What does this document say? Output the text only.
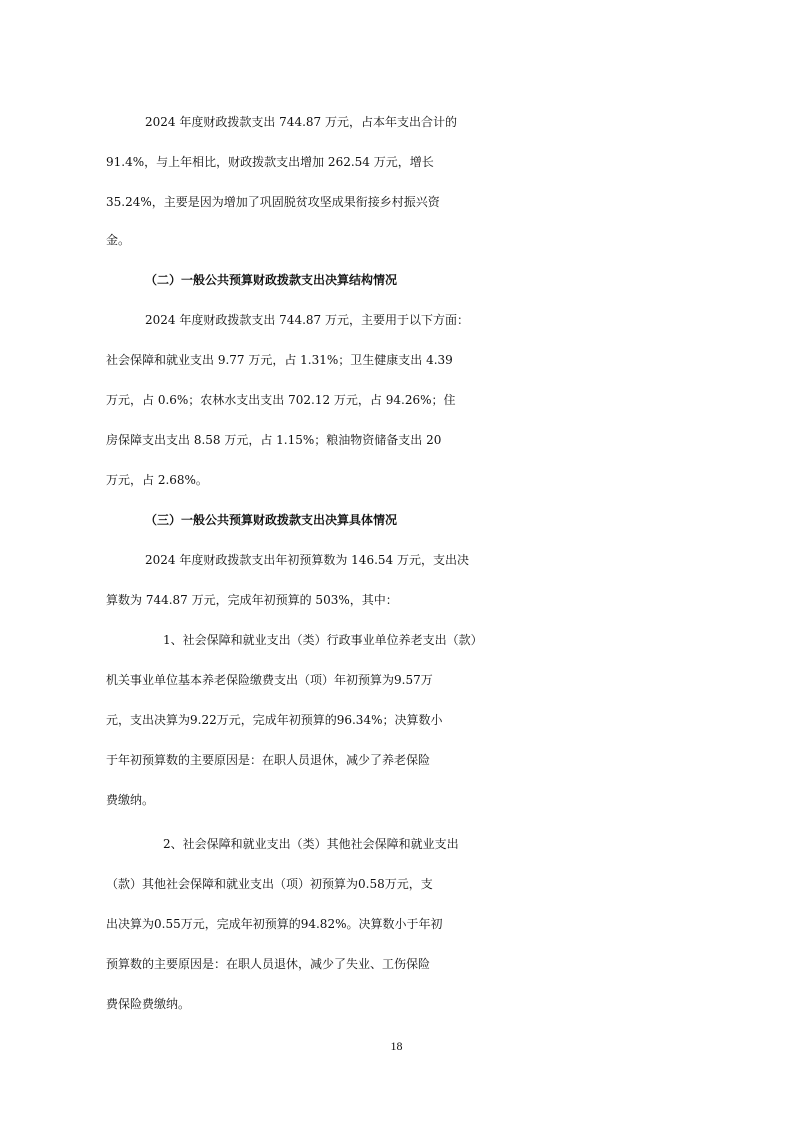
2024 年度财政拨款支出 744.87 万元，占本年支出合计的
91.4%，与上年相比，财政拨款支出增加 262.54 万元，增长
35.24%，主要是因为增加了巩固脱贫攻坚成果衔接乡村振兴资
金。
（二）一般公共预算财政拨款支出决算结构情况
2024 年度财政拨款支出 744.87 万元，主要用于以下方面：
社会保障和就业支出 9.77 万元，占 1.31%；卫生健康支出 4.39
万元，占 0.6%；农林水支出支出 702.12 万元，占 94.26%；住
房保障支出支出 8.58 万元，占 1.15%；粮油物资储备支出 20
万元，占 2.68%。
（三）一般公共预算财政拨款支出决算具体情况
2024 年度财政拨款支出年初预算数为 146.54 万元，支出决
算数为 744.87 万元，完成年初预算的 503%，其中：
1、社会保障和就业支出（类）行政事业单位养老支出（款）
机关事业单位基本养老保险缴费支出（项）年初预算为9.57万
元，支出决算为9.22万元，完成年初预算的96.34%；决算数小
于年初预算数的主要原因是：在职人员退休，减少了养老保险
费缴纳。
2、社会保障和就业支出（类）其他社会保障和就业支出
（款）其他社会保障和就业支出（项）初预算为0.58万元，支
出决算为0.55万元，完成年初预算的94.82%。决算数小于年初
预算数的主要原因是：在职人员退休，减少了失业、工伤保险
费保险费缴纳。
18
